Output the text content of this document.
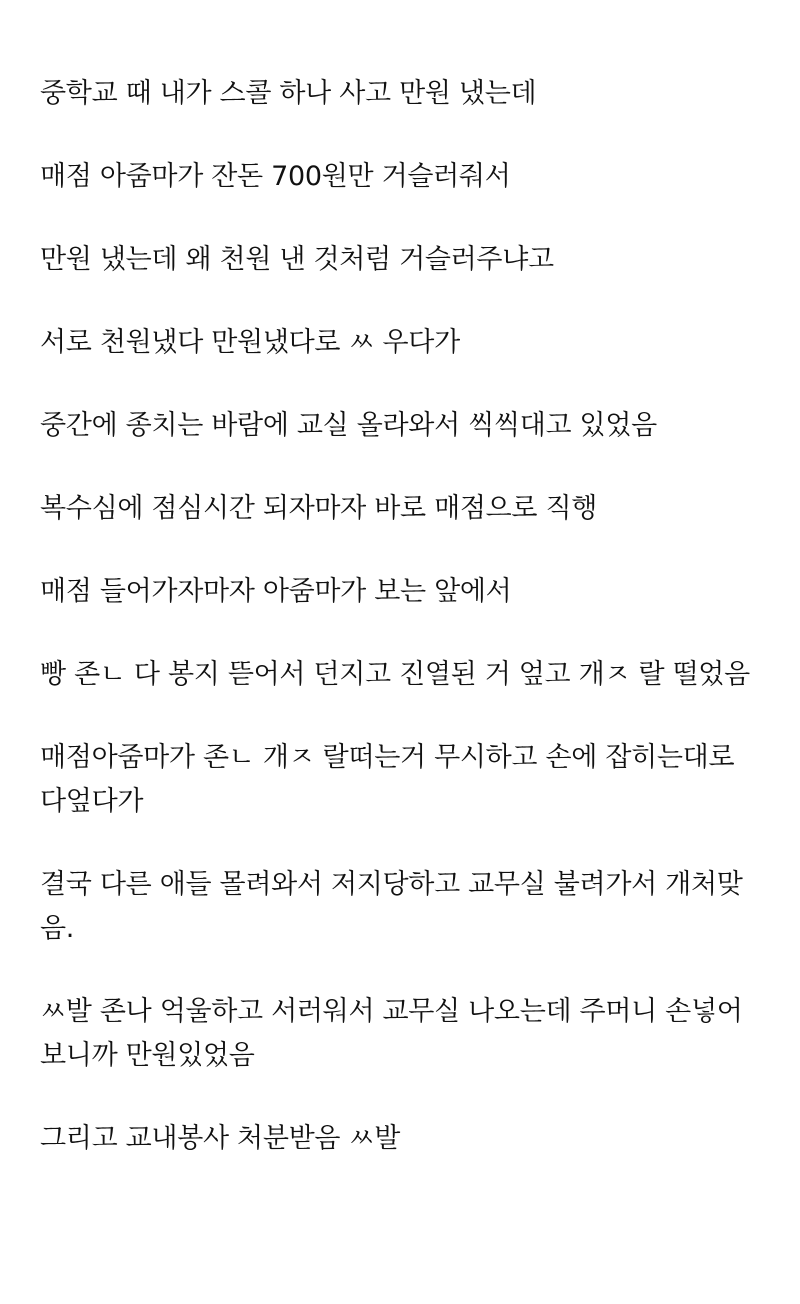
중학교 때 내가 스콜 하나 사고 만원 냈는데

매점 아줌마가 잔돈 700원만 거슬러줘서

만원 냈는데 왜 천원 낸 것처럼 거슬러주냐고

서로 천원냈다 만원냈다로 ㅆ 우다가

중간에 종치는 바람에 교실 올라와서 씩씩대고 있었음

복수심에 점심시간 되자마자 바로 매점으로 직행

매점 들어가자마자 아줌마가 보는 앞에서

빵 존ㄴ 다 봉지 뜯어서 던지고 진열된 거 엎고 개ㅈ 랄 떨었음

매점아줌마가 존ㄴ 개ㅈ 랄떠는거 무시하고 손에 잡히는대로
다엎다가

결국 다른 애들 몰려와서 저지당하고 교무실 불려가서 개처맞
음.

ㅆ발 존나 억울하고 서러워서 교무실 나오는데 주머니 손넣어
보니까 만원있었음

그리고 교내봉사 처분받음 ㅆ발
